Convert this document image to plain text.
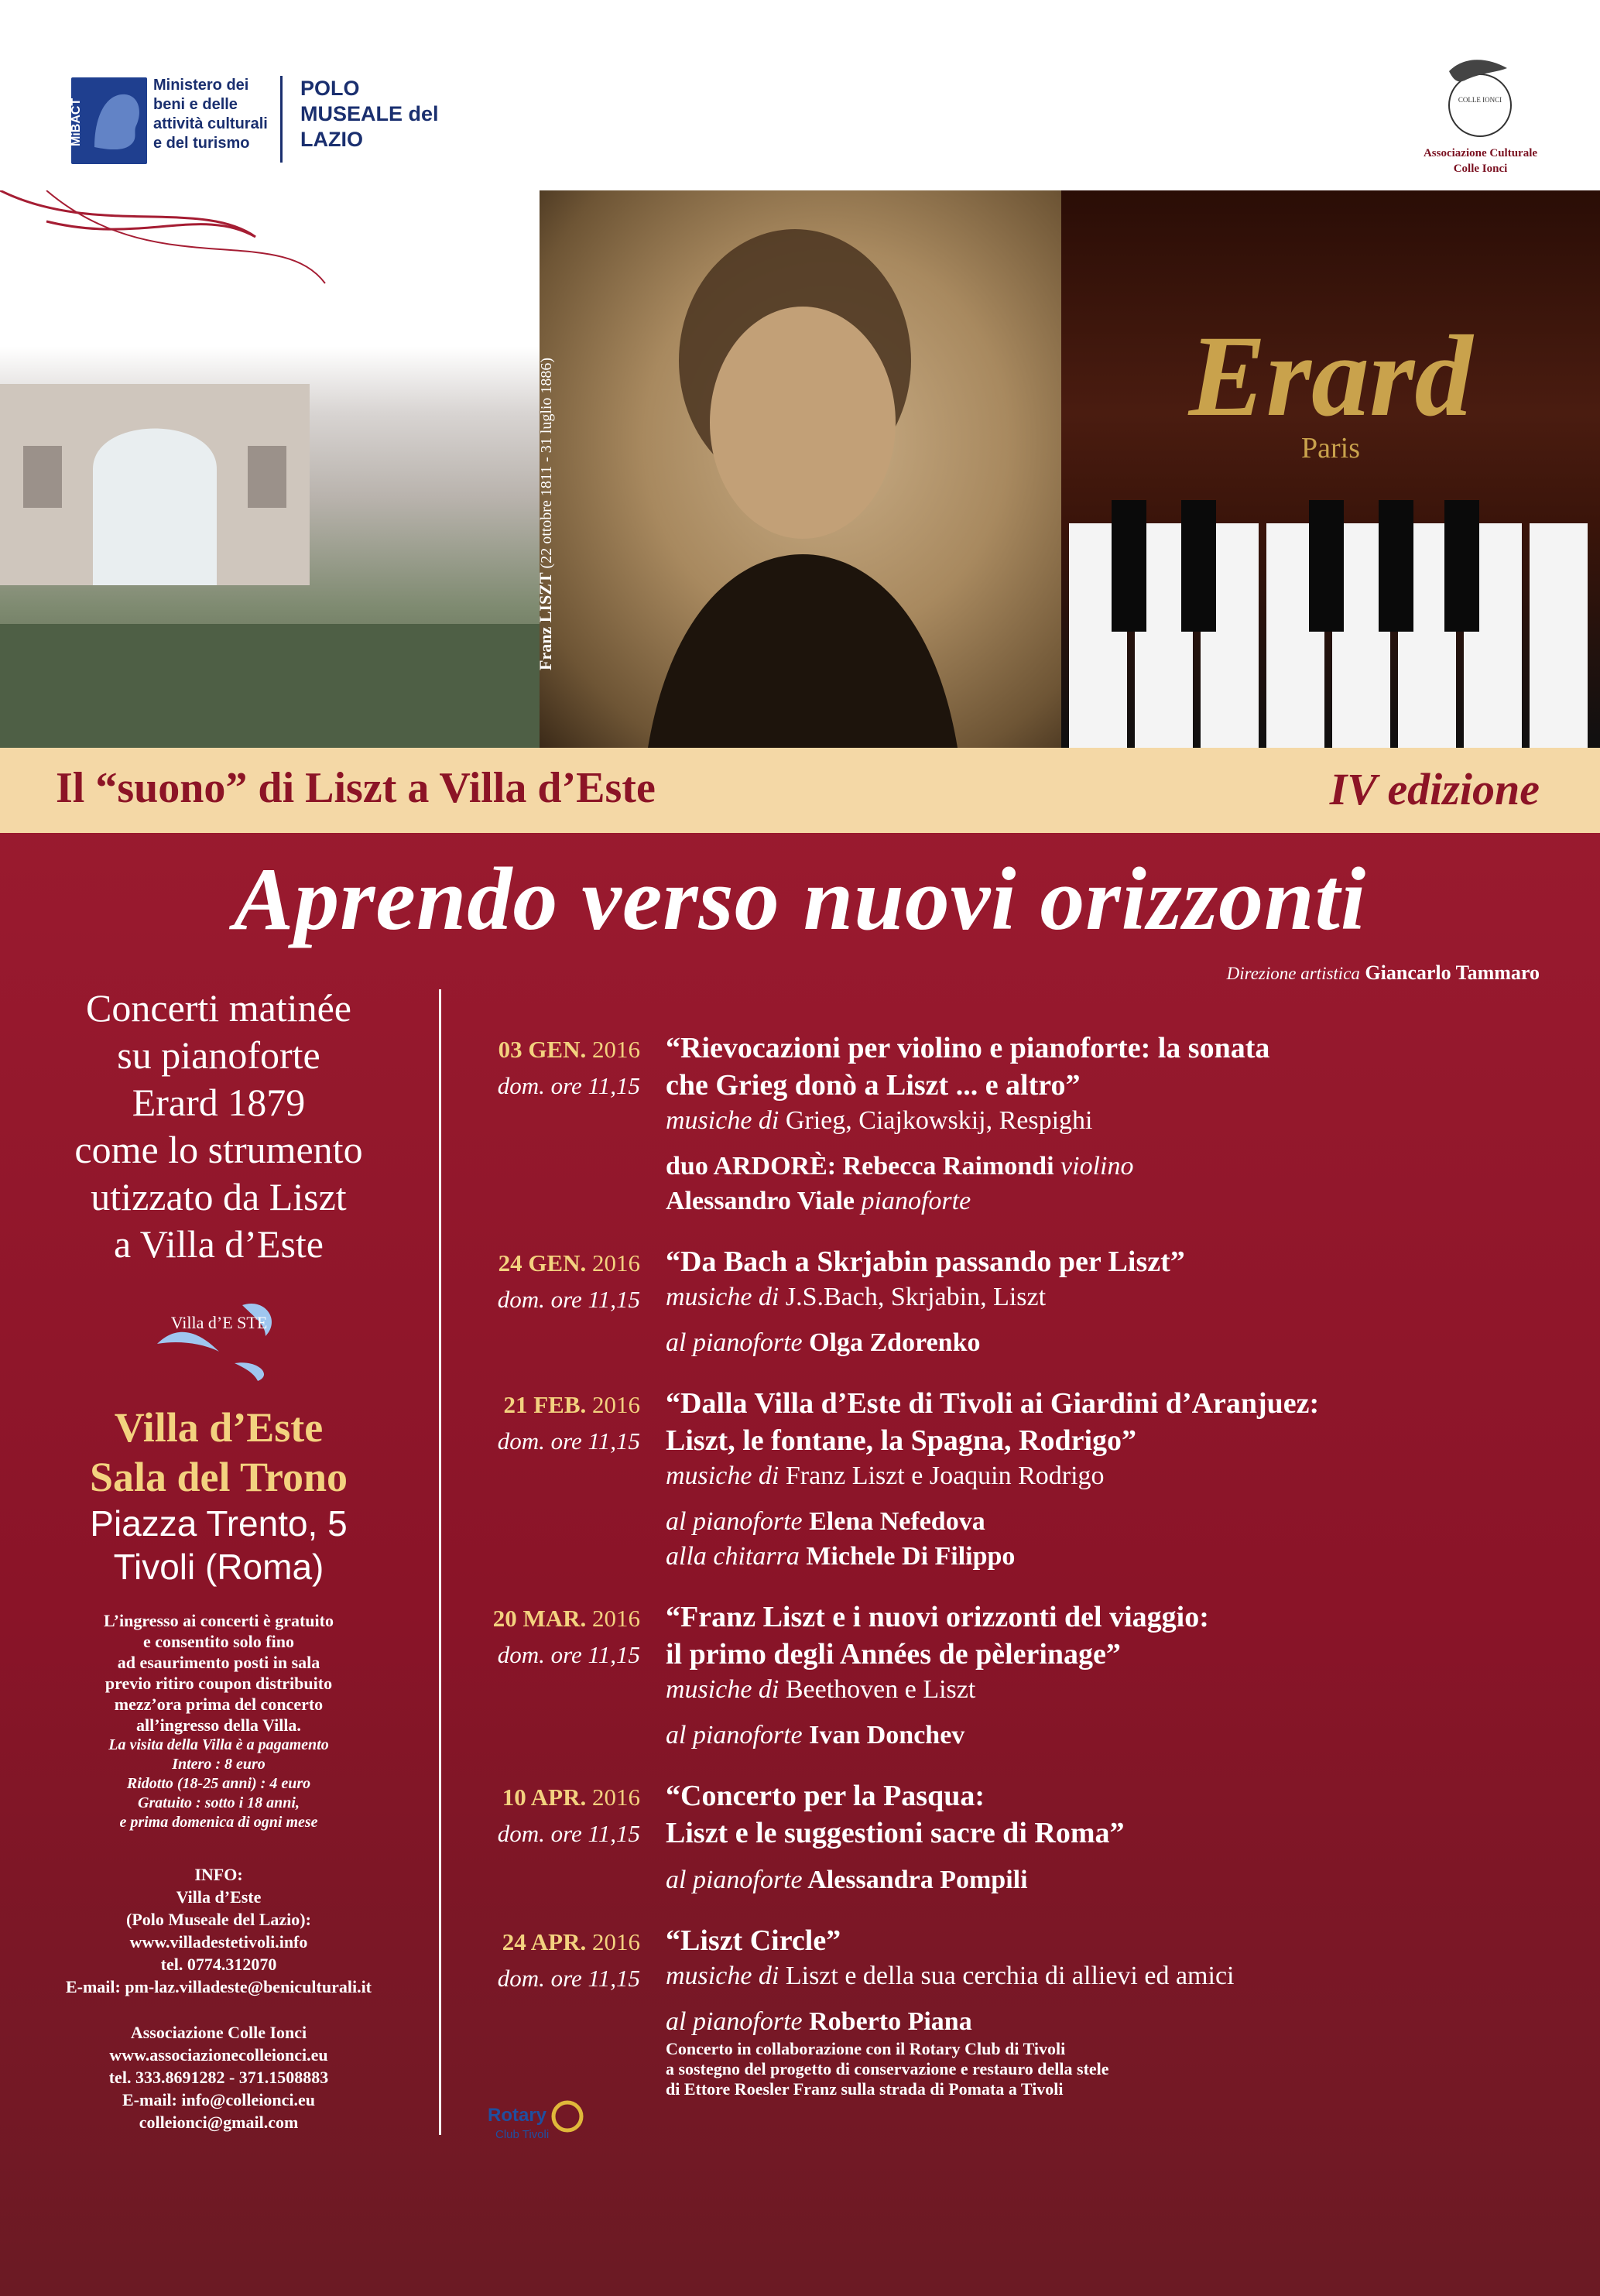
MiBACT
Ministero dei beni e delle attività culturali e del turismo
POLO MUSEALE del LAZIO
COLLE IONCI
Associazione Culturale
Colle Ionci
Erard
Paris
Franz LISZT (22 ottobre 1811 - 31 luglio 1886)
Il “suono” di Liszt a Villa d’Este	IV edizione
Aprendo verso nuovi orizzonti
Direzione artistica Giancarlo Tammaro
Concerti matinée
su pianoforte
Erard 1879
come lo strumento
utizzato da Liszt
a Villa d’Este
Villa d’E STE
Villa d’Este
Sala del Trono
Piazza Trento, 5
Tivoli (Roma)
L’ingresso ai concerti è gratuito
e consentito solo fino
ad esaurimento posti in sala
previo ritiro coupon distribuito
mezz’ora prima del concerto
all’ingresso della Villa.
La visita della Villa è a pagamento
Intero : 8 euro
Ridotto (18-25 anni) : 4 euro
Gratuito : sotto i 18 anni,
e prima domenica di ogni mese
INFO:
Villa d’Este
(Polo Museale del Lazio):
www.villadestetivoli.info
tel. 0774.312070
E-mail: pm-laz.villadeste@beniculturali.it
Associazione Colle Ionci
www.associazionecolleionci.eu
tel. 333.8691282 - 371.1508883
E-mail: info@colleionci.eu
colleionci@gmail.com
03 GEN. 2016
dom. ore 11,15
“Rievocazioni per violino e pianoforte: la sonata
che Grieg donò a Liszt ... e altro”
musiche di Grieg, Ciajkowskij, Respighi
duo ARDORÈ: Rebecca Raimondi violino
Alessandro Viale pianoforte
24 GEN. 2016
dom. ore 11,15
“Da Bach a Skrjabin passando per Liszt”
musiche di J.S.Bach, Skrjabin, Liszt
al pianoforte Olga Zdorenko
21 FEB. 2016
dom. ore 11,15
“Dalla Villa d’Este di Tivoli ai Giardini d’Aranjuez:
Liszt, le fontane, la Spagna, Rodrigo”
musiche di Franz Liszt e Joaquin Rodrigo
al pianoforte Elena Nefedova
alla chitarra Michele Di Filippo
20 MAR. 2016
dom. ore 11,15
“Franz Liszt e i nuovi orizzonti del viaggio:
il primo degli Années de pèlerinage”
musiche di Beethoven e Liszt
al pianoforte Ivan Donchev
10 APR. 2016
dom. ore 11,15
“Concerto per la Pasqua:
Liszt e le suggestioni sacre di Roma”
al pianoforte Alessandra Pompili
24 APR. 2016
dom. ore 11,15
“Liszt Circle”
musiche di Liszt e della sua cerchia di allievi ed amici
al pianoforte Roberto Piana
Concerto in collaborazione con il Rotary Club di Tivoli
a sostegno del progetto di conservazione e restauro della stele
di Ettore Roesler Franz sulla strada di Pomata a Tivoli
Rotary
Club Tivoli
